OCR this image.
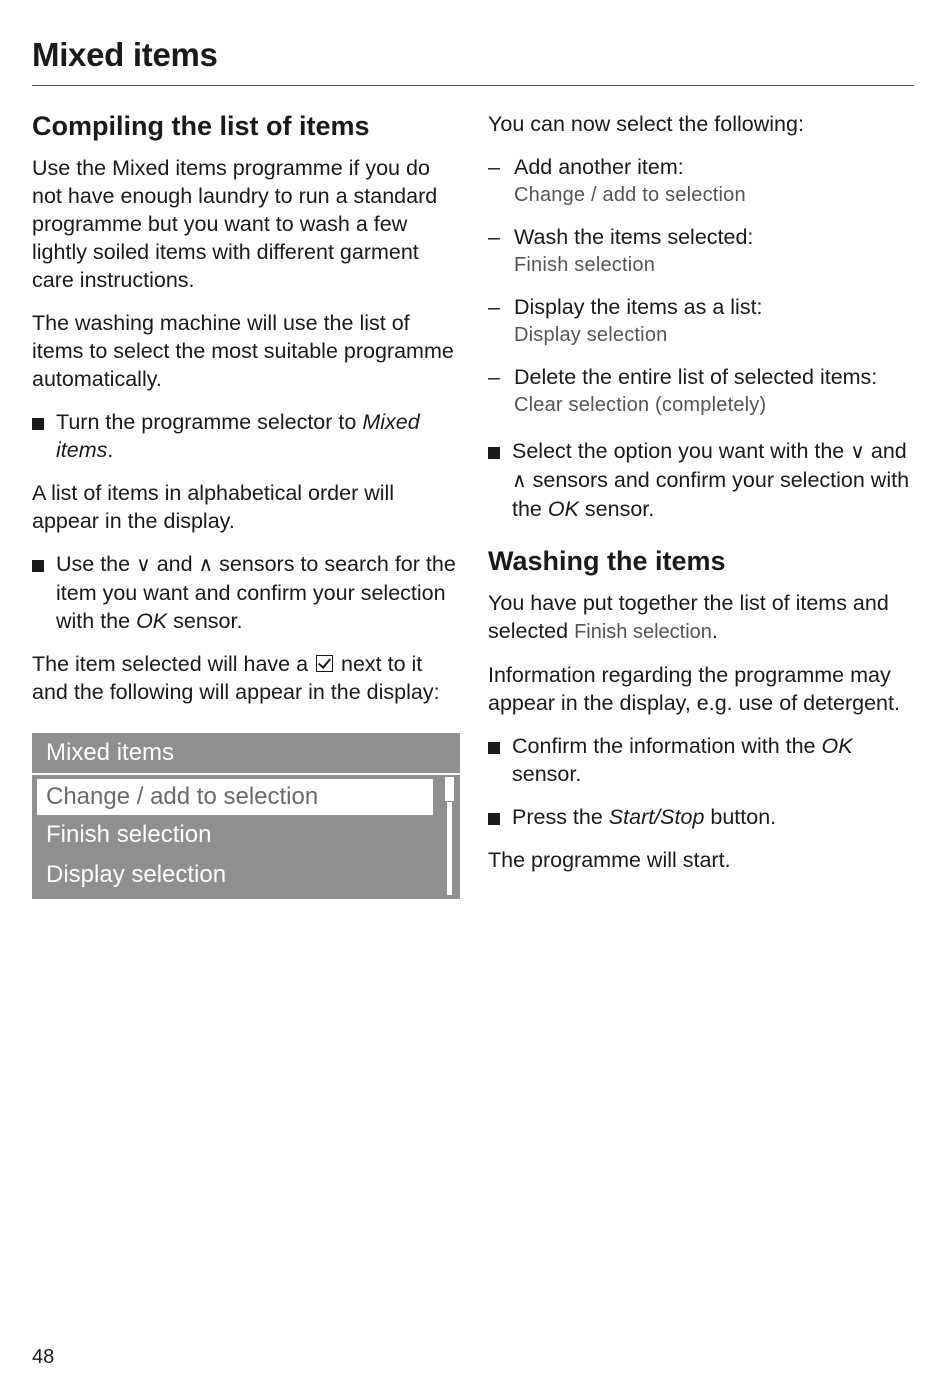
Mixed items
Compiling the list of items

Use the Mixed items programme if you do not have enough laundry to run a standard programme but you want to wash a few lightly soiled items with different garment care instructions.

The washing machine will use the list of items to select the most suitable programme automatically.

Turn the programme selector to Mixed items.

A list of items in alphabetical order will appear in the display.

Use the ∨ and ∧ sensors to search for the item you want and confirm your selection with the OK sensor.

The item selected will have a  next to it and the following will appear in the display:

Mixed items
Change / add to selection
Finish selection
Display selection

You can now select the following:

– Add another item:
Change / add to selection
– Wash the items selected:
Finish selection
– Display the items as a list:
Display selection
– Delete the entire list of selected items:
Clear selection (completely)
Select the option you want with the ∨ and ∧ sensors and confirm your selection with the OK sensor.
Washing the items

You have put together the list of items and selected Finish selection.

Information regarding the programme may appear in the display, e.g. use of detergent.

Confirm the information with the OK sensor.
Press the Start/Stop button.

The programme will start.

48
